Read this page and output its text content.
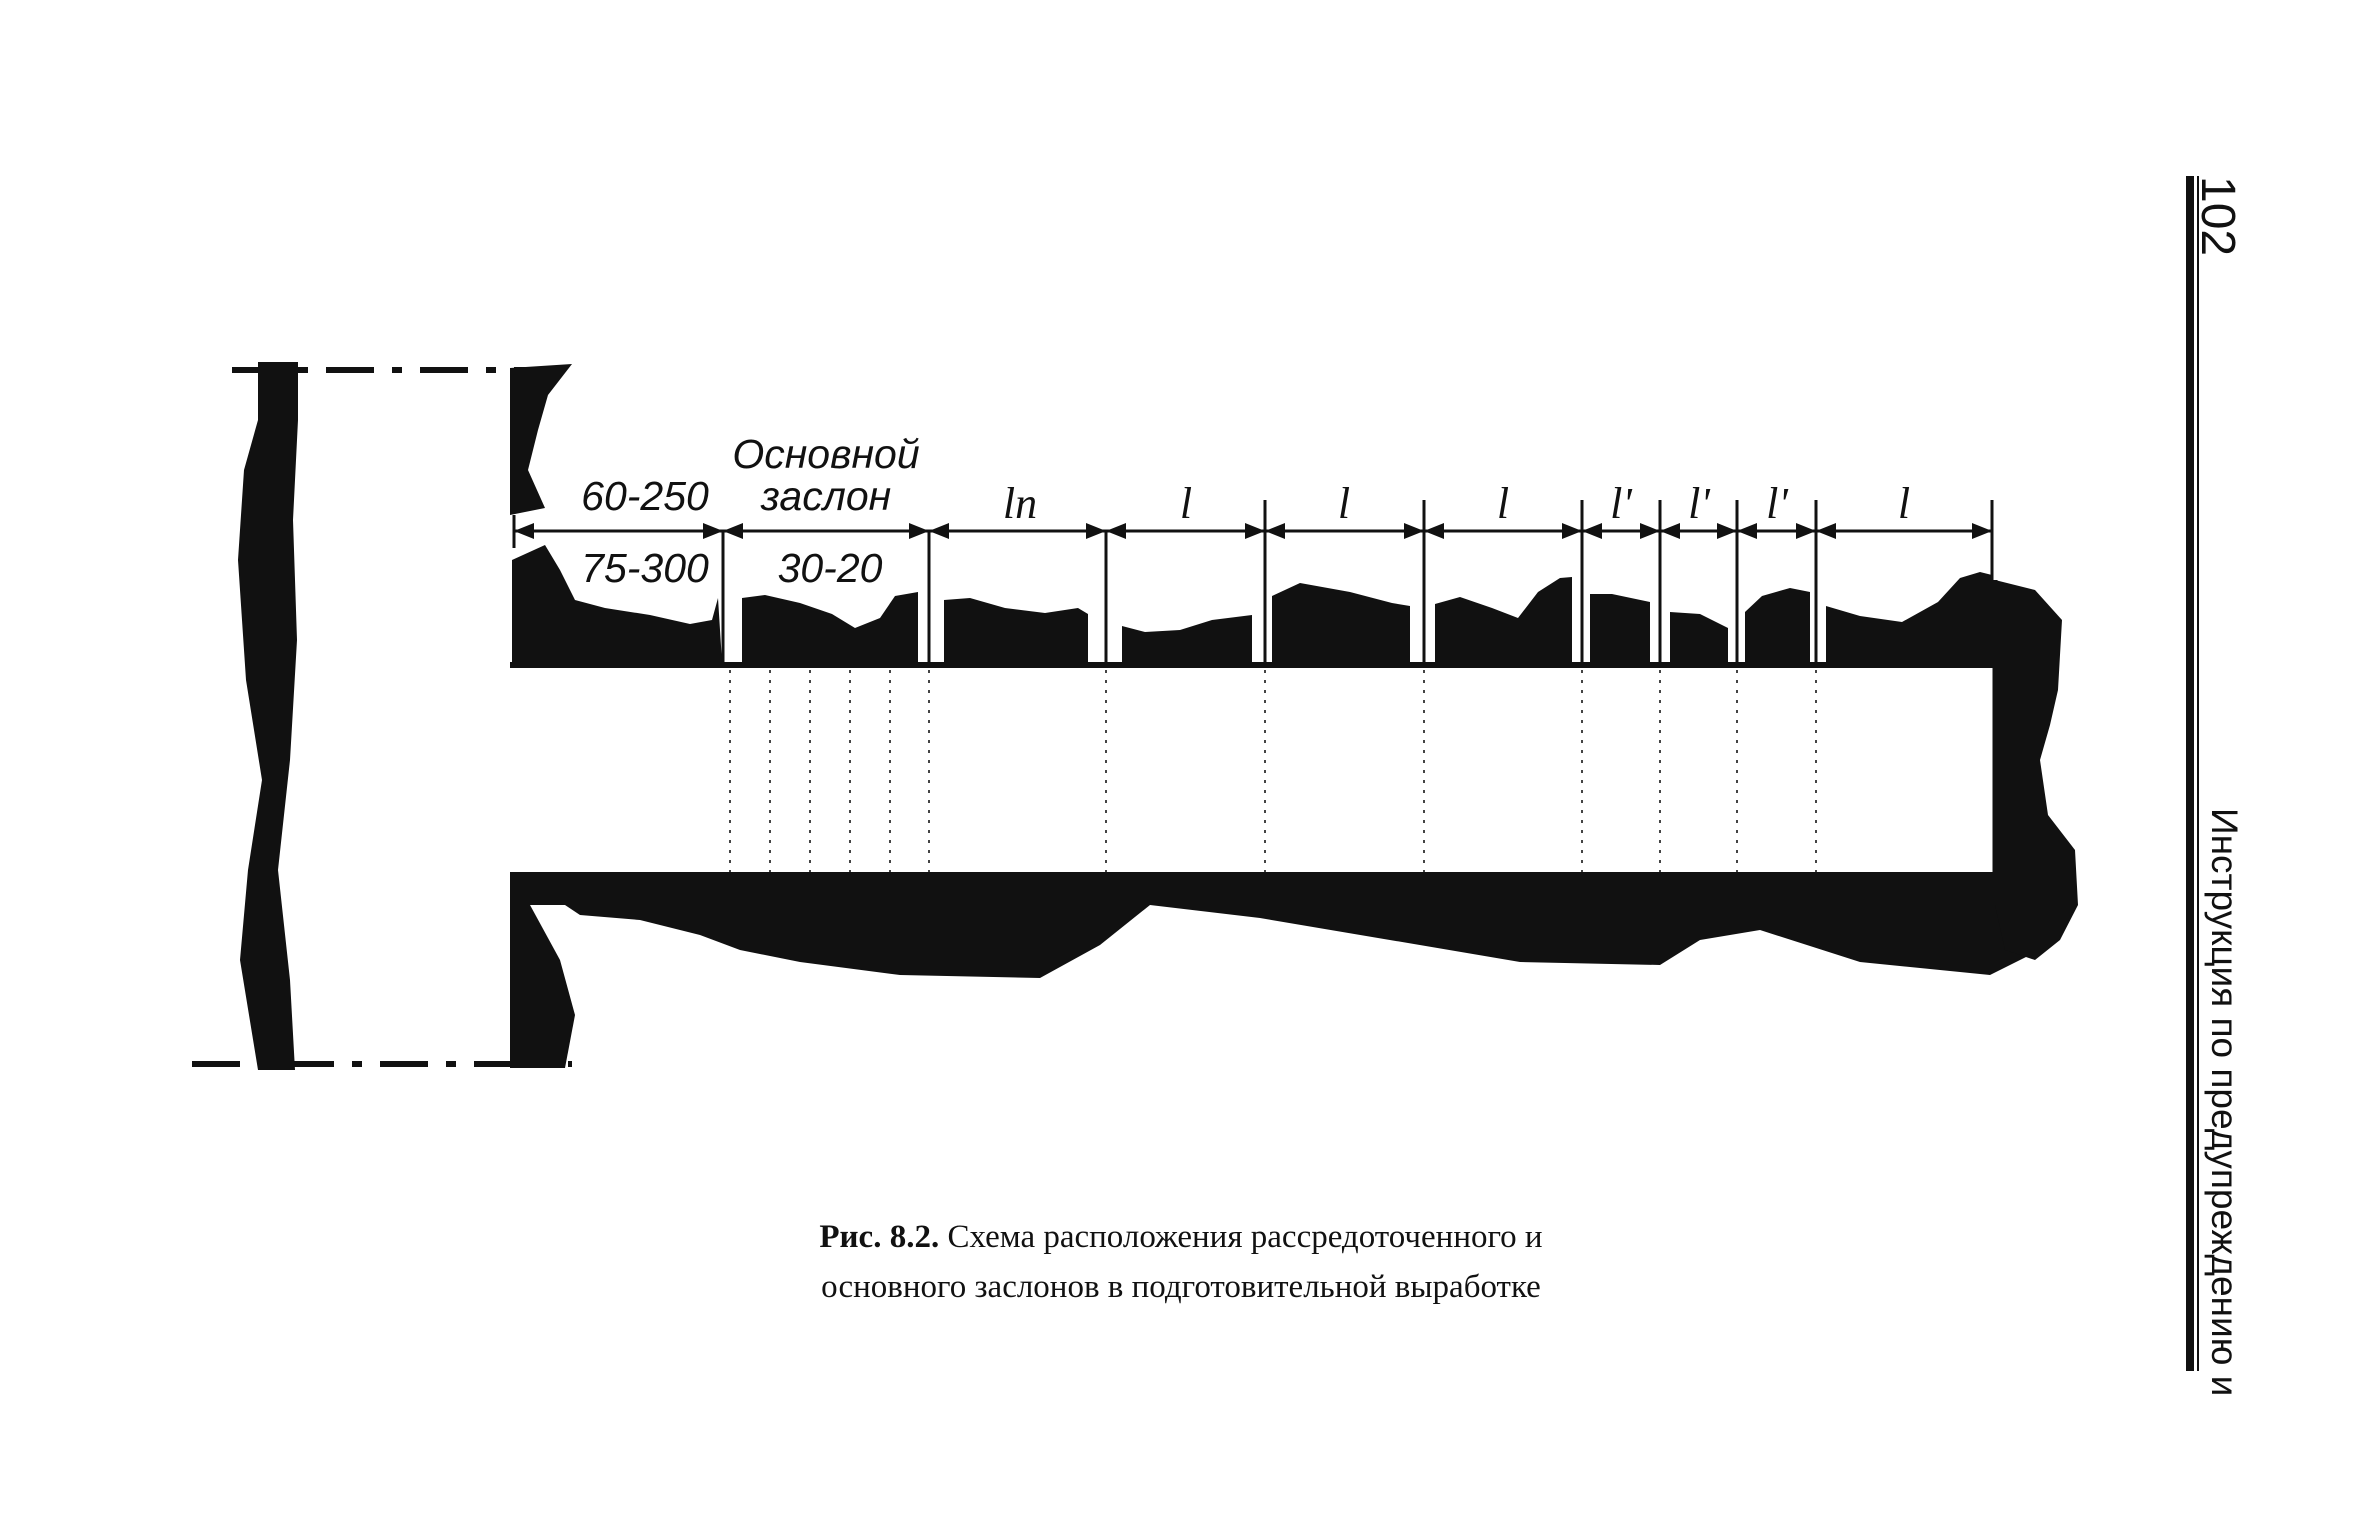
60-250
75-300
Основной
заслон
30-20
lп	l	l	l l' l' l'	l
102
Инструкция по предупреждению и
Рис. 8.2. Схема расположения рассредоточенного и
основного заслонов в подготовительной выработке
